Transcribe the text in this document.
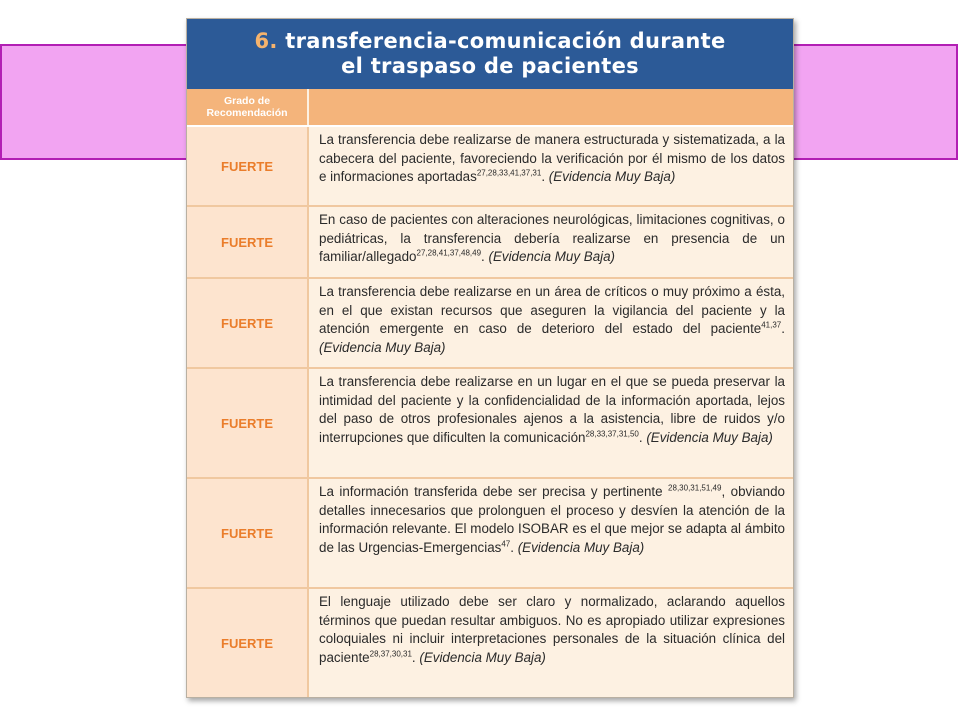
6. transferencia-comunicación durante
el traspaso de pacientes
Grado de
Recomendación
FUERTE
La transferencia debe realizarse de manera estructurada y sistematizada, a la cabecera del paciente, favoreciendo la verificación por él mismo de los datos e informaciones aportadas$^{27,28,33,41,37,31}$. (Evidencia Muy Baja)
FUERTE
En caso de pacientes con alteraciones neurológicas, limitaciones cognitivas, o pediátricas, la transferencia debería realizarse en presencia de un familiar/allegado$^{27,28,41,37,48,49}$. (Evidencia Muy Baja)
FUERTE
La transferencia debe realizarse en un área de críticos o muy próximo a ésta, en el que existan recursos que aseguren la vigilancia del paciente y la atención emergente en caso de deterioro del estado del paciente$^{41,37}$. (Evidencia Muy Baja)
FUERTE
La transferencia debe realizarse en un lugar en el que se pueda preservar la intimidad del paciente y la confidencialidad de la información aportada, lejos del paso de otros profesionales ajenos a la asistencia, libre de ruidos y/o interrupciones que dificulten la comunicación$^{28,33,37,31,50}$. (Evidencia Muy Baja)
FUERTE
La información transferida debe ser precisa y pertinente $^{28,30,31,51,49}$, obviando detalles innecesarios que prolonguen el proceso y desvíen la atención de la información relevante. El modelo ISOBAR es el que mejor se adapta al ámbito de las Urgencias-Emergencias$^{47}$. (Evidencia Muy Baja)
FUERTE
El lenguaje utilizado debe ser claro y normalizado, aclarando aquellos términos que puedan resultar ambiguos. No es apropiado utilizar expresiones coloquiales ni incluir interpretaciones personales de la situación clínica del paciente$^{28,37,30,31}$. (Evidencia Muy Baja)
